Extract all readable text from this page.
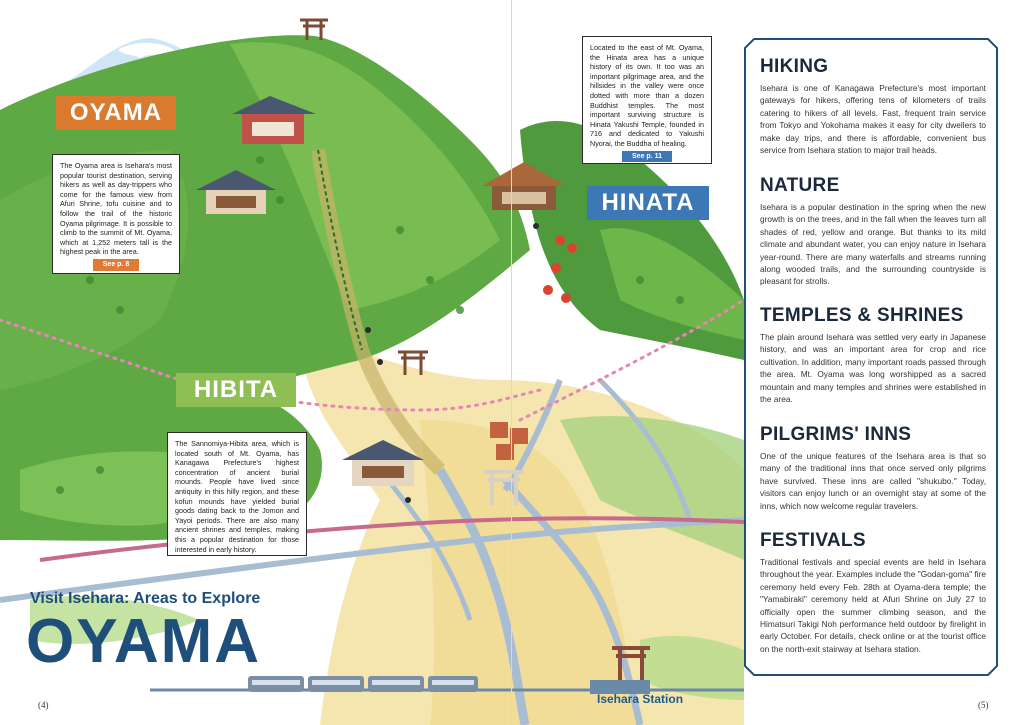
OYAMA
HINATA
HIBITA

The Oyama area is Isehara's most popular tourist destination, serving hikers as well as day-trippers who come for the famous view from Afuri Shrine, tofu cuisine and to follow the trail of the historic Oyama pilgrimage. It is possible to climb to the summit of Mt. Oyama, which at 1,252 meters tall is the highest peak in the area.

See p. 8

Located to the east of Mt. Oyama, the Hinata area has a unique history of its own. It too was an important pilgrimage area, and the hillsides in the valley were once dotted with more than a dozen Buddhist temples. The most important surviving structure is Hinata Yakushi Temple, founded in 716 and dedicated to Yakushi Nyorai, the Buddha of healing.

See p. 11

The Sannomiya-Hibita area, which is located south of Mt. Oyama, has Kanagawa Prefecture's highest concentration of ancient burial mounds. People have lived since antiquity in this hilly region, and these kofun mounds have yielded burial goods dating back to the Jomon and Yayoi periods. There are also many ancient shrines and temples, making this a popular destination for those interested in early history.

Visit Isehara: Areas to Explore
OYAMA
Isehara Station
(4)	(5)
HIKING

Isehara is one of Kanagawa Prefecture's most important gateways for hikers, offering tens of kilometers of trails catering to hikers of all levels. Fast, frequent train service from Tokyo and Yokohama makes it easy for city dwellers to make day trips, and there is affordable, convenient bus service from Isehara station to major trail heads.

NATURE

Isehara is a popular destination in the spring when the new growth is on the trees, and in the fall when the leaves turn all shades of red, yellow and orange. But thanks to its mild climate and abundant water, you can enjoy nature in Isehara year-round. There are many waterfalls and streams running along wooded trails, and the surrounding countryside is pleasant for strolls.

TEMPLES & SHRINES

The plain around Isehara was settled very early in Japanese history, and was an important area for crop and rice cultivation. In addition, many important roads passed through the area. Mt. Oyama was long worshipped as a sacred mountain and many temples and shrines were established in the area.

PILGRIMS' INNS

One of the unique features of the Isehara area is that so many of the traditional inns that once served only pilgrims have survived. These inns are called "shukubo." Today, visitors can enjoy lunch or an overnight stay at some of the inns, which now welcome regular travelers.

FESTIVALS

Traditional festivals and special events are held in Isehara throughout the year. Examples include the "Godan-goma" fire ceremony held every Feb. 28th at Oyama-dera temple; the "Yamabiraki" ceremony held at Afuri Shrine on July 27 to officially open the summer climbing season, and the Himatsuri Takigi Noh performance held outdoor by firelight in early October. For details, check online or at the tourist office on the north-exit stairway at Isehara station.
